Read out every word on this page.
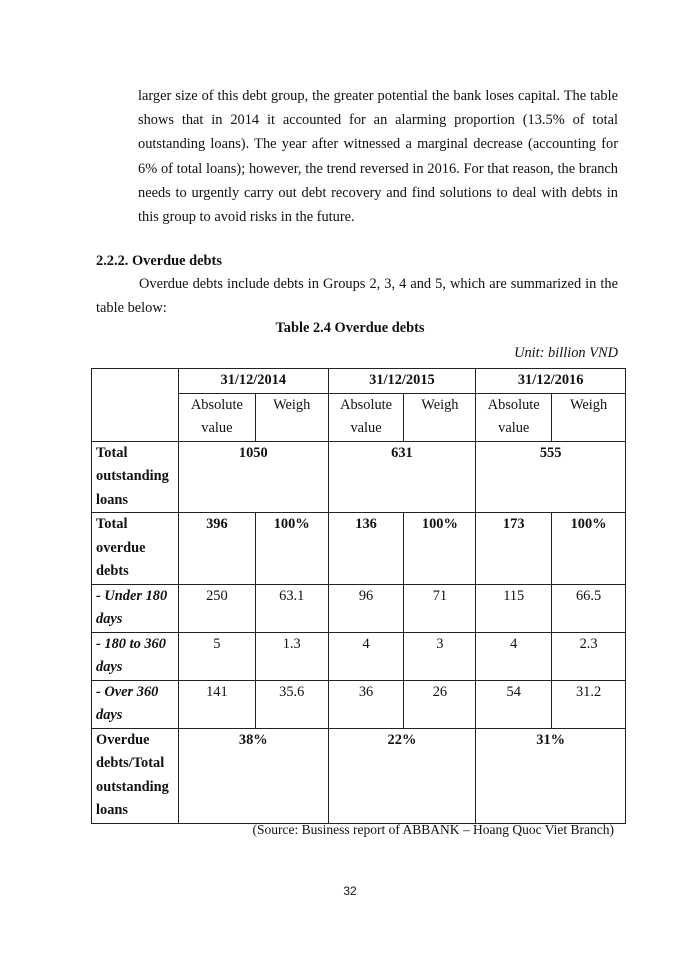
larger size of this debt group, the greater potential the bank loses capital. The table shows that in 2014 it accounted for an alarming proportion (13.5% of total outstanding loans). The year after witnessed a marginal decrease (accounting for 6% of total loans); however, the trend reversed in 2016. For that reason, the branch needs to urgently carry out debt recovery and find solutions to deal with debts in this group to avoid risks in the future.
2.2.2. Overdue debts
Overdue debts include debts in Groups 2, 3, 4 and 5, which are summarized in the table below:
Table 2.4 Overdue debts
Unit: billion VND
	31/12/2014		31/12/2015		31/12/2016	
	Absolute value	Weigh	Absolute value	Weigh	Absolute value	Weigh
Total outstanding loans	1050		631		555	
Total overdue debts	396	100%	136	100%	173	100%
- Under 180 days	250	63.1	96	71	115	66.5
- 180 to 360 days	5	1.3	4	3	4	2.3
- Over 360 days	141	35.6	36	26	54	31.2
Overdue debts/Total outstanding loans	38%		22%		31%	
(Source: Business report of ABBANK – Hoang Quoc Viet Branch)
32
